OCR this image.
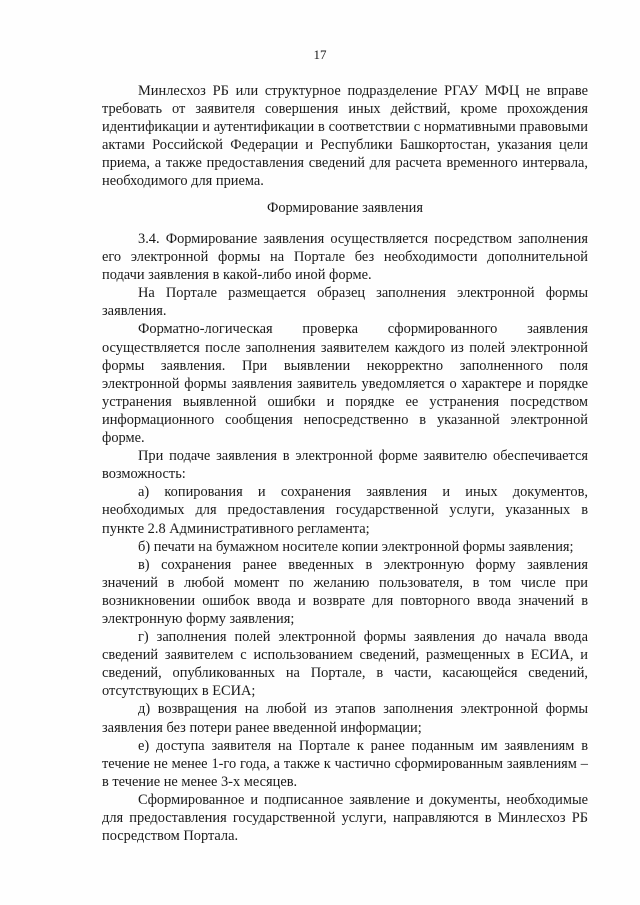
17

Минлесхоз РБ или структурное подразделение РГАУ МФЦ не вправе требовать от заявителя совершения иных действий, кроме прохождения идентификации и аутентификации в соответствии с нормативными правовыми актами Российской Федерации и Республики Башкортостан, указания цели приема, а также предоставления сведений для расчета временного интервала, необходимого для приема.

Формирование заявления

3.4. Формирование заявления осуществляется посредством заполнения его электронной формы на Портале без необходимости дополнительной подачи заявления в какой-либо иной форме.

На Портале размещается образец заполнения электронной формы заявления.

Форматно-логическая проверка сформированного заявления осуществляется после заполнения заявителем каждого из полей электронной формы заявления. При выявлении некорректно заполненного поля электронной формы заявления заявитель уведомляется о характере и порядке устранения выявленной ошибки и порядке ее устранения посредством информационного сообщения непосредственно в указанной электронной форме.

При подаче заявления в электронной форме заявителю обеспечивается возможность:

а) копирования и сохранения заявления и иных документов, необходимых для предоставления государственной услуги, указанных в пункте 2.8 Административного регламента;

б) печати на бумажном носителе копии электронной формы заявления;

в) сохранения ранее введенных в электронную форму заявления значений в любой момент по желанию пользователя, в том числе при возникновении ошибок ввода и возврате для повторного ввода значений в электронную форму заявления;

г) заполнения полей электронной формы заявления до начала ввода сведений заявителем с использованием сведений, размещенных в ЕСИА, и сведений, опубликованных на Портале, в части, касающейся сведений, отсутствующих в ЕСИА;

д) возвращения на любой из этапов заполнения электронной формы заявления без потери ранее введенной информации;

е) доступа заявителя на Портале к ранее поданным им заявлениям в течение не менее 1-го года, а также к частично сформированным заявлениям – в течение не менее 3-х месяцев.

Сформированное и подписанное заявление и документы, необходимые для предоставления государственной услуги, направляются в Минлесхоз РБ посредством Портала.
